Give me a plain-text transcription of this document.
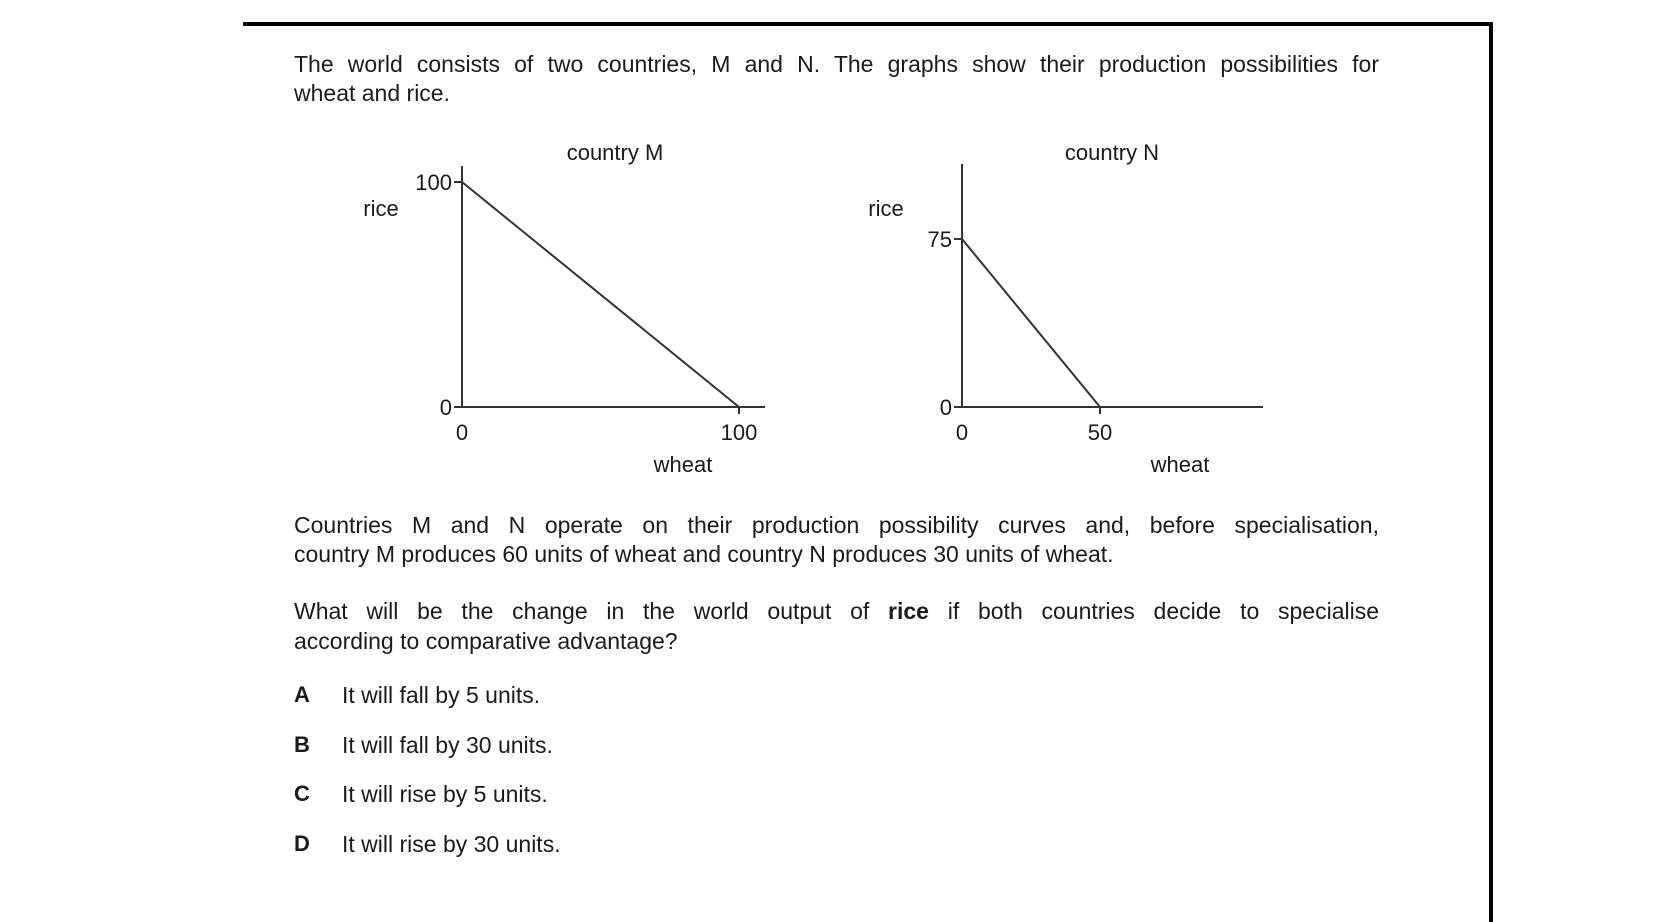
The world consists of two countries, M and N. The graphs show their production possibilities for
wheat and rice.
country M
rice
wheat
100
0
0	100
country N
rice
wheat
75
0
0	50
Countries M and N operate on their production possibility curves and, before specialisation,
country M produces 60 units of wheat and country N produces 30 units of wheat.
What will be the change in the world output of rice if both countries decide to specialise
according to comparative advantage?
A It will fall by 5 units.
B It will fall by 30 units.
C It will rise by 5 units.
D It will rise by 30 units.
